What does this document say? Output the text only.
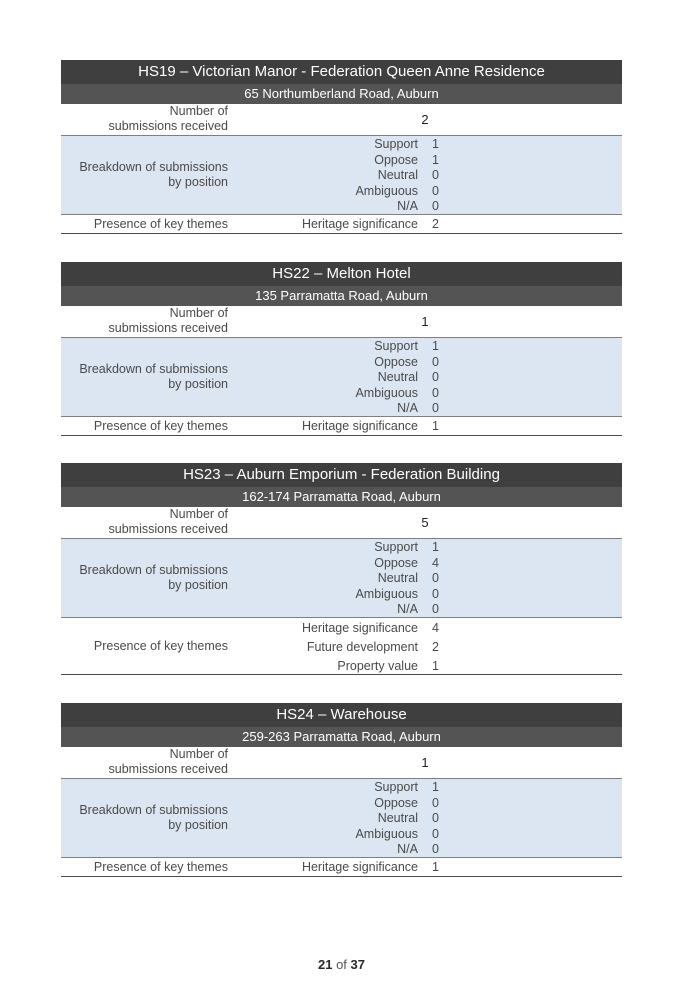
HS19 – Victorian Manor - Federation Queen Anne Residence
65 Northumberland Road, Auburn
Number of
submissions received	2
Breakdown of submissions
by position
Support 1
Oppose 1
Neutral 0
Ambiguous 0
N/A 0
Presence of key themes	Heritage significance 2
HS22 – Melton Hotel
135 Parramatta Road, Auburn
Number of
submissions received	1
Breakdown of submissions
by position
Support 1
Oppose 0
Neutral 0
Ambiguous 0
N/A 0
Presence of key themes	Heritage significance 1
HS23 – Auburn Emporium - Federation Building
162-174 Parramatta Road, Auburn
Number of
submissions received	5
Breakdown of submissions
by position
Support 1
Oppose 4
Neutral 0
Ambiguous 0
N/A 0
Presence of key themes
Heritage significance 4
Future development 2
Property value 1
HS24 – Warehouse
259-263 Parramatta Road, Auburn
Number of
submissions received	1
Breakdown of submissions
by position
Support 1
Oppose 0
Neutral 0
Ambiguous 0
N/A 0
Presence of key themes	Heritage significance 1
21 of 37
